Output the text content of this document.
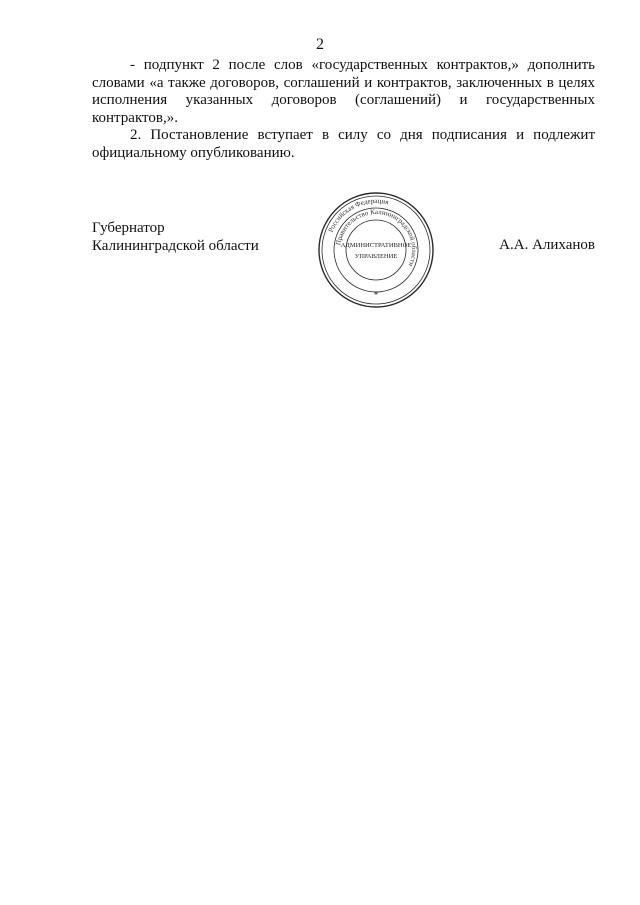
2

- подпункт 2 после слов «государственных контрактов,» дополнить словами «а также договоров, соглашений и контрактов, заключенных в целях исполнения указанных договоров (соглашений) и государственных контрактов,».

2. Постановление вступает в силу со дня подписания и подлежит официальному опубликованию.

Губернатор
Калининградской области	А.А. Алиханов
Российская Федерация
Правительство Калининградской области
АДМИНИСТРАТИВНОЕ
УПРАВЛЕНИЕ
*
